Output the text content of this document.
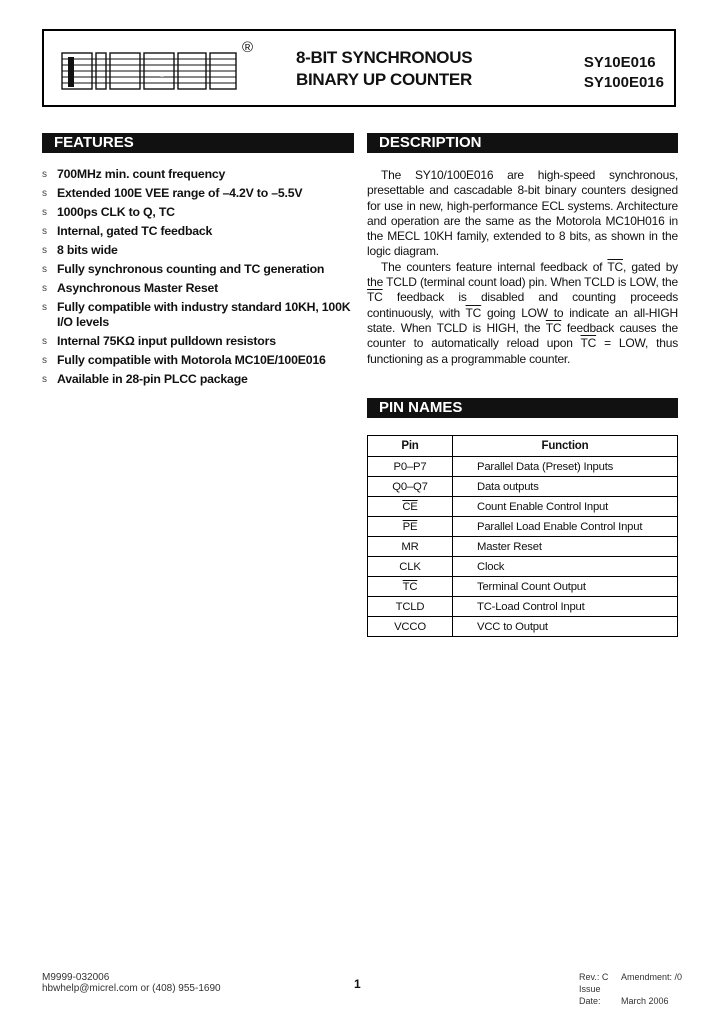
MICREL
®
8-BIT SYNCHRONOUS
BINARY UP COUNTER
SY10E016
SY100E016
FEATURES
s 700MHz min. count frequency
s Extended 100E VEE range of –4.2V to –5.5V
s 1000ps CLK to Q, TC
s Internal, gated TC feedback
s 8 bits wide
s Fully synchronous counting and TC generation
s Asynchronous Master Reset
s Fully compatible with industry standard 10KH, 100K I/O levels
s Internal 75KΩ input pulldown resistors
s Fully compatible with Motorola MC10E/100E016
s Available in 28-pin PLCC package
DESCRIPTION

The SY10/100E016 are high-speed synchronous, presettable and cascadable 8-bit binary counters designed for use in new, high-performance ECL systems. Architecture and operation are the same as the Motorola MC10H016 in the MECL 10KH family, extended to 8 bits, as shown in the logic diagram.

The counters feature internal feedback of $\overline{TC}$, gated by the TCLD (terminal count load) pin. When TCLD is LOW, the $\overline{TC}$ feedback is disabled and counting proceeds continuously, with $\overline{TC}$ going LOW to indicate an all-HIGH state. When TCLD is HIGH, the $\overline{TC}$ feedback causes the counter to automatically reload upon $\overline{TC}$ = LOW, thus functioning as a programmable counter.

PIN NAMES
Pin	Function
P0–P7	Parallel Data (Preset) Inputs
Q0–Q7	Data outputs
$\overline{CE}$	Count Enable Control Input
$\overline{PE}$	Parallel Load Enable Control Input
MR	Master Reset
CLK	Clock
$\overline{TC}$	Terminal Count Output
TCLD	TC-Load Control Input
VCCO	VCC to Output
M9999-032006
hbwhelp@micrel.com or (408) 955-1690	1	Rev.: C Amendment: /0
Issue Date: March 2006
